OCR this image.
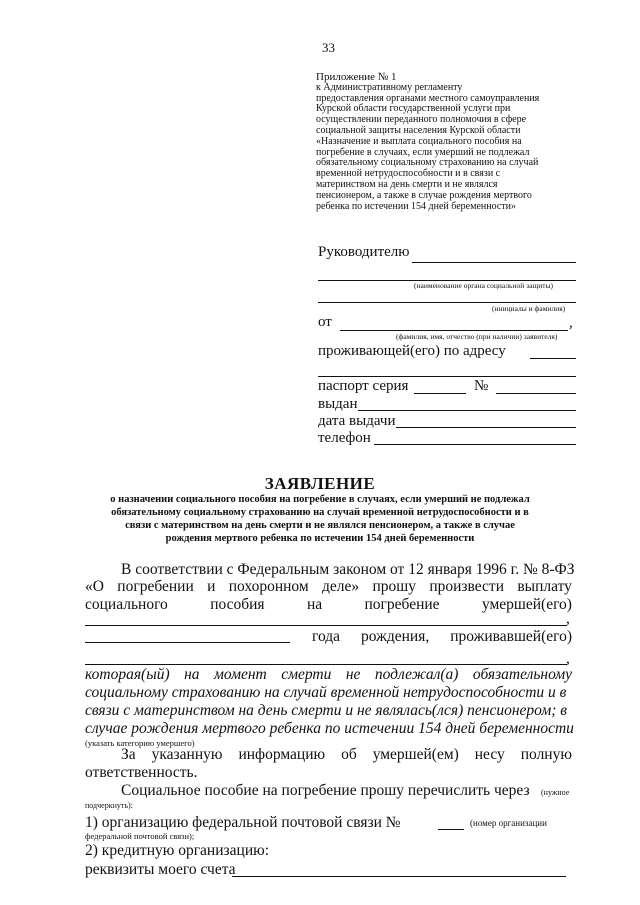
33
Приложение № 1
к Административному регламенту
предоставления органами местного самоуправления
Курской области государственной услуги при
осуществлении переданного полномочия в сфере
социальной защиты населения Курской области
«Назначение и выплата социального пособия на
погребение в случаях, если умерший не подлежал
обязательному социальному страхованию на случай
временной нетрудоспособности и в связи с
материнством на день смерти и не являлся
пенсионером, а также в случае рождения мертвого
ребенка по истечении 154 дней беременности»
Руководителю
(наименование органа социальной защиты)
(инициалы и фамилия)
от	,
(фамилия, имя, отчество (при наличии) заявителя)
проживающей(его) по адресу
паспорт серия	№
выдан
дата выдачи
телефон
ЗАЯВЛЕНИЕ
о назначении социального пособия на погребение в случаях, если умерший не подлежал
обязательному социальному страхованию на случай временной нетрудоспособности и в
связи с материнством на день смерти и не являлся пенсионером, а также в случае
рождения мертвого ребенка по истечении 154 дней беременности
В соответствии с Федеральным законом от 12 января 1996 г. № 8-ФЗ
«О погребении и похоронном деле» прошу произвести выплату
социального	пособия	на	погребение	умершей(его)
,
года рождения, проживавшей(его)
,
которая(ый) на момент смерти не подлежал(а) обязательному
социальному страхованию на случай временной нетрудоспособности и в
связи с материнством на день смерти и не являлась(лся) пенсионером; в
случае рождения мертвого ребенка по истечении 154 дней беременности
(указать категорию умершего)
За указанную информацию об умершей(ем) несу полную
ответственность.
Социальное пособие на погребение прошу перечислить через (нужное
подчеркнуть):
1) организацию федеральной почтовой связи №	(номер организации
федеральной почтовой связи);
2) кредитную организацию:
реквизиты моего счета
